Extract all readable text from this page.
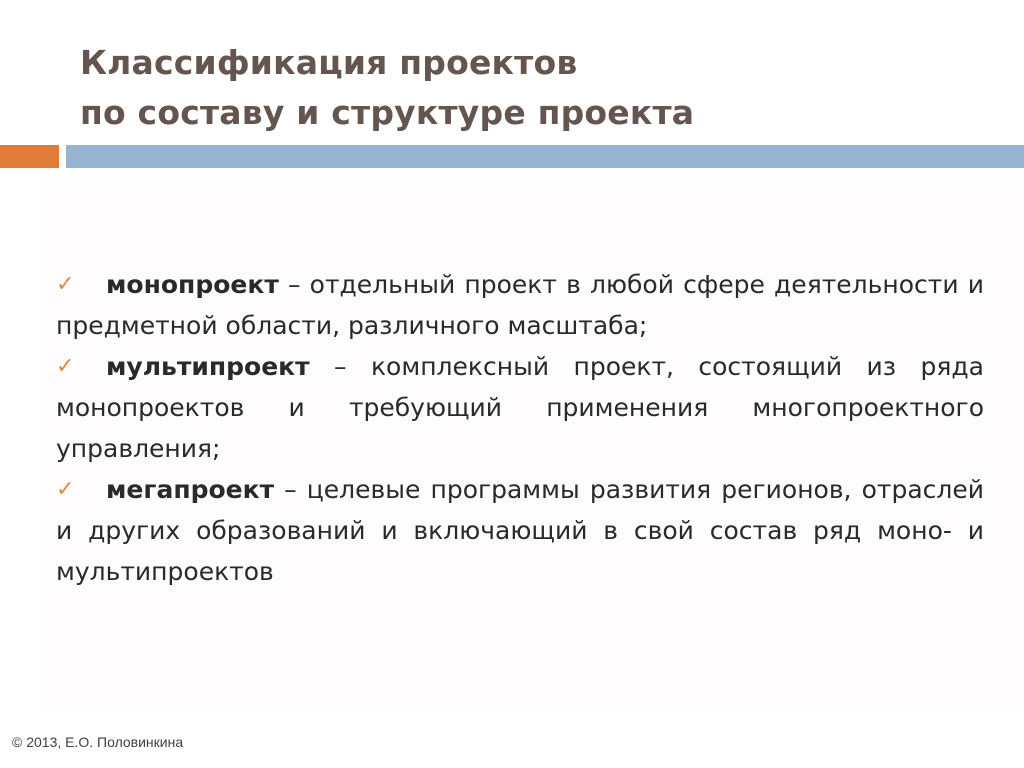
Классификация проектов
по составу и структуре проекта
✓ монопроект – отдельный проект в любой сфере деятельности и предметной области, различного масштаба;
✓ мультипроект – комплексный проект, состоящий из ряда монопроектов и требующий применения многопроектного управления;
✓ мегапроект – целевые программы развития регионов, отраслей и других образований и включающий в свой состав ряд моно- и мультипроектов
© 2013, Е.О. Половинкина
